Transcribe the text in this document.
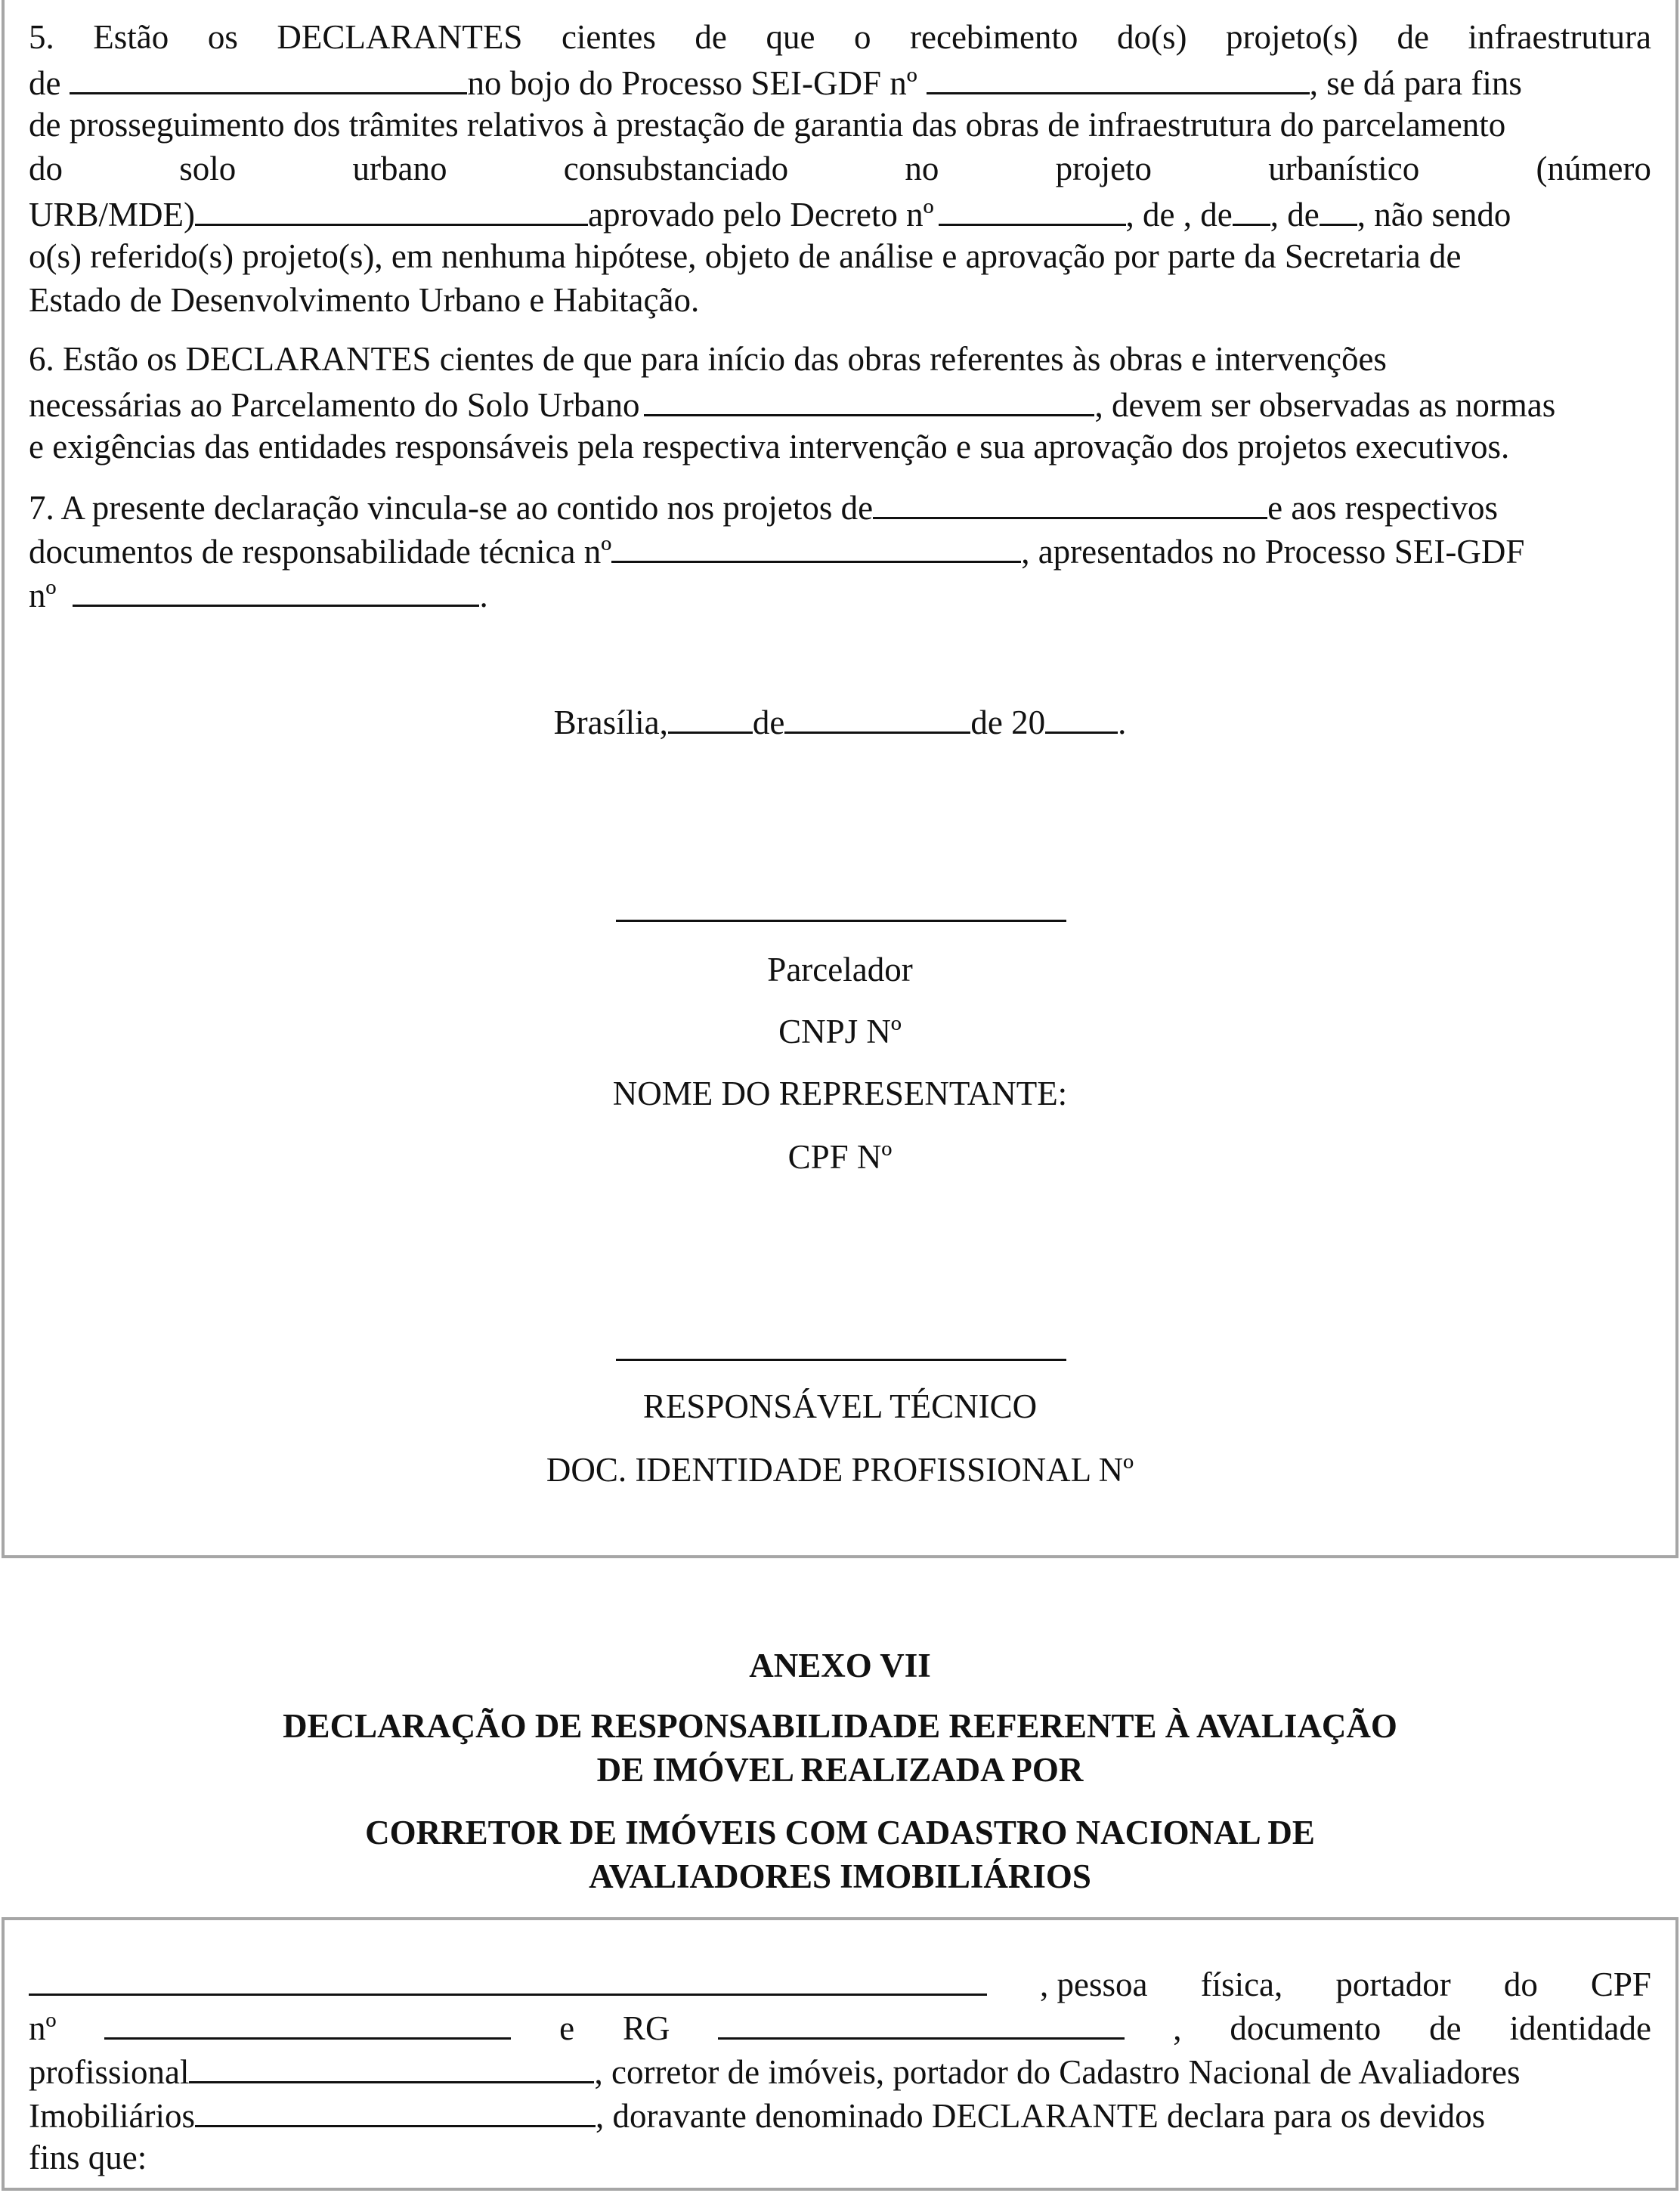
5. Estão os DECLARANTES cientes de que o recebimento do(s) projeto(s) de infraestrutura
de	no bojo do Processo SEI-GDF nº	, se dá para fins
de prosseguimento dos trâmites relativos à prestação de garantia das obras de infraestrutura do parcelamento
do	solo	urbano	consubstanciado	no	projeto	urbanístico	(número
URB/MDE)	aprovado pelo Decreto nº	, de , de , de , não sendo
o(s) referido(s) projeto(s), em nenhuma hipótese, objeto de análise e aprovação por parte da Secretaria de
Estado de Desenvolvimento Urbano e Habitação.
6. Estão os DECLARANTES cientes de que para início das obras referentes às obras e intervenções
necessárias ao Parcelamento do Solo Urbano	, devem ser observadas as normas
e exigências das entidades responsáveis pela respectiva intervenção e sua aprovação dos projetos executivos.
7. A presente declaração vincula-se ao contido nos projetos de	e aos respectivos
documentos de responsabilidade técnica nº	, apresentados no Processo SEI-GDF
nº	.
Brasília, de	de 20 .
Parcelador
CNPJ Nº
NOME DO REPRESENTANTE:
CPF Nº
RESPONSÁVEL TÉCNICO
DOC. IDENTIDADE PROFISSIONAL Nº
ANEXO VII
DECLARAÇÃO DE RESPONSABILIDADE REFERENTE À AVALIAÇÃO
DE IMÓVEL REALIZADA POR
CORRETOR DE IMÓVEIS COM CADASTRO NACIONAL DE
AVALIADORES IMOBILIÁRIOS
, pessoa física, portador do CPF
nº	e RG	, documento de identidade
profissional	, corretor de imóveis, portador do Cadastro Nacional de Avaliadores
Imobiliários	, doravante denominado DECLARANTE declara para os devidos
fins que:
